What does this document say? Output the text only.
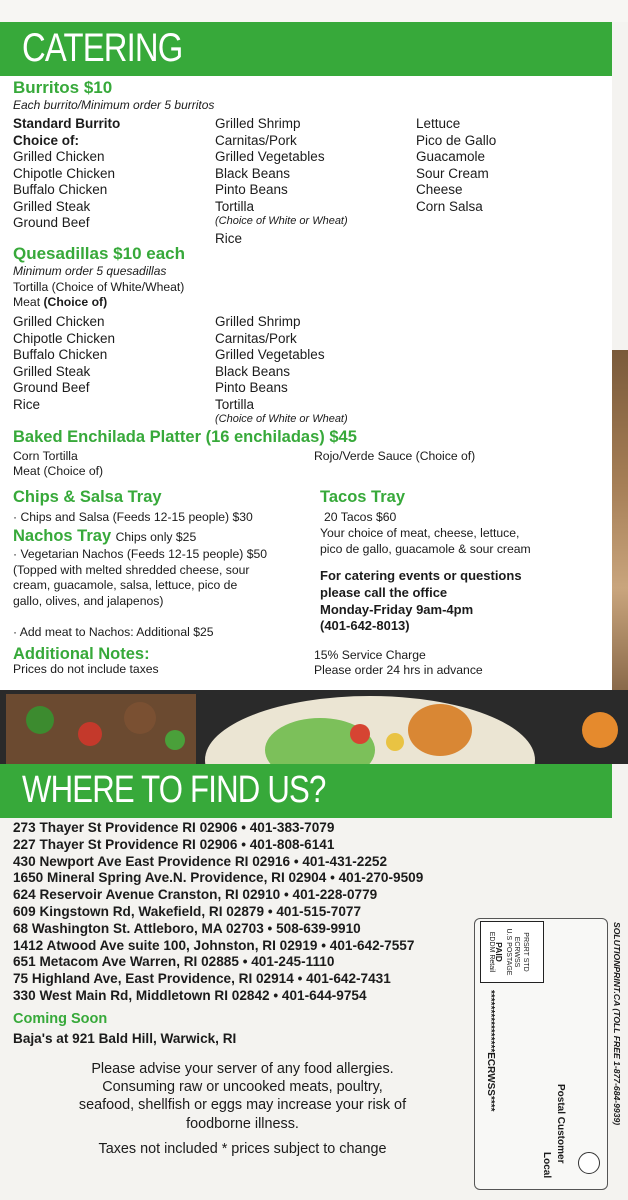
CATERING
Burritos $10
Each burrito/Minimum order 5 burritos
Standard Burrito
Choice of:
Grilled Chicken
Chipotle Chicken
Buffalo Chicken
Grilled Steak
Ground Beef
Grilled Shrimp
Carnitas/Pork
Grilled Vegetables
Black Beans
Pinto Beans
Tortilla
(Choice of White or Wheat)
Rice
Lettuce
Pico de Gallo
Guacamole
Sour Cream
Cheese
Corn Salsa
Quesadillas $10 each
Minimum order 5 quesadillas
Tortilla (Choice of White/Wheat)
Meat (Choice of)
Grilled Chicken
Chipotle Chicken
Buffalo Chicken
Grilled Steak
Ground Beef
Rice
Grilled Shrimp
Carnitas/Pork
Grilled Vegetables
Black Beans
Pinto Beans
Tortilla
(Choice of White or Wheat)
Baked Enchilada Platter (16 enchiladas) $45
Corn Tortilla
Meat (Choice of)
Rojo/Verde Sauce (Choice of)
Chips & Salsa Tray
· Chips and Salsa (Feeds 12-15 people) $30
Nachos Tray Chips only $25
· Vegetarian Nachos (Feeds 12-15 people) $50
(Topped with melted shredded cheese, sour
cream, guacamole, salsa, lettuce, pico de
gallo, olives, and jalapenos)
· Add meat to Nachos: Additional $25
Tacos Tray
20 Tacos $60
Your choice of meat, cheese, lettuce,
pico de gallo, guacamole & sour cream
For catering events or questions
please call the office
Monday-Friday 9am-4pm
(401-642-8013)
Additional Notes:
Prices do not include taxes
15% Service Charge
Please order 24 hrs in advance
WHERE TO FIND US?
273 Thayer St Providence RI 02906 • 401-383-7079
227 Thayer St Providence RI 02906 • 401-808-6141
430 Newport Ave East Providence RI 02916 • 401-431-2252
1650 Mineral Spring Ave.N. Providence, RI 02904 • 401-270-9509
624 Reservoir Avenue Cranston, RI 02910 • 401-228-0779
609 Kingstown Rd, Wakefield, RI 02879 • 401-515-7077
68 Washington St. Attleboro, MA 02703 • 508-639-9910
1412 Atwood Ave suite 100, Johnston, RI 02919 • 401-642-7557
651 Metacom Ave Warren, RI 02885 • 401-245-1110
75 Highland Ave, East Providence, RI 02914 • 401-642-7431
330 West Main Rd, Middletown RI 02842 • 401-644-9754
Coming Soon
Baja's at 921 Bald Hill, Warwick, RI
Please advise your server of any food allergies.
Consuming raw or uncooked meats, poultry,
seafood, shellfish or eggs may increase your risk of
foodborne illness.
Taxes not included * prices subject to change
PRSRT STD
ECRWSS
U.S POSTAGE
PAID
EDDM Retail
****************ECRWSS****
Local
Postal Customer	SOLUTIONPRINT.CA (TOLL FREE 1-877-684-9939)
